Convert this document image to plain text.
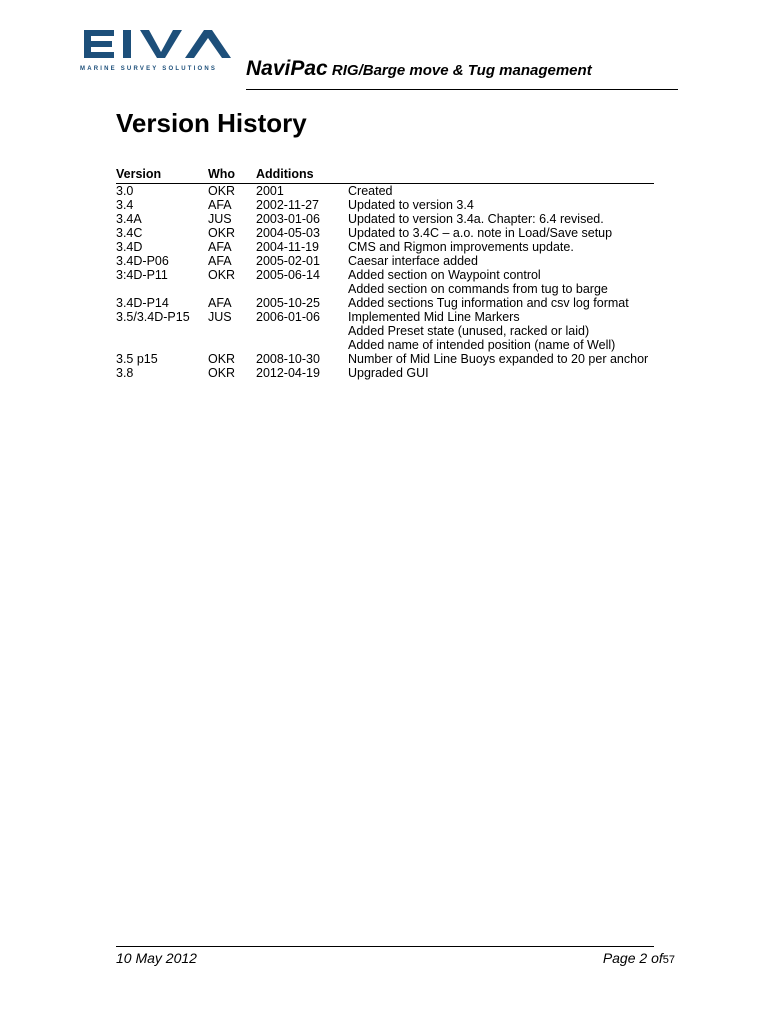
MARINE SURVEY SOLUTIONS	NaviPac RIG/Barge move & Tug management
Version History
Version	Who	Additions
3.0	OKR	2001	Created
3.4	AFA	2002-11-27	Updated to version 3.4
3.4A	JUS	2003-01-06	Updated to version 3.4a. Chapter: 6.4 revised.
3.4C	OKR	2004-05-03	Updated to 3.4C – a.o. note in Load/Save setup
3.4D	AFA	2004-11-19	CMS and Rigmon improvements update.
3.4D-P06	AFA	2005-02-01	Caesar interface added
3:4D-P11	OKR	2005-06-14	Added section on Waypoint control
Added section on commands from tug to barge
3.4D-P14	AFA	2005-10-25	Added sections Tug information and csv log format
3.5/3.4D-P15	JUS	2006-01-06	Implemented Mid Line Markers
Added Preset state (unused, racked or laid)
Added name of intended position (name of Well)
3.5 p15	OKR	2008-10-30	Number of Mid Line Buoys expanded to 20 per anchor
3.8	OKR	2012-04-19	Upgraded GUI
10 May 2012	Page 2 of57
